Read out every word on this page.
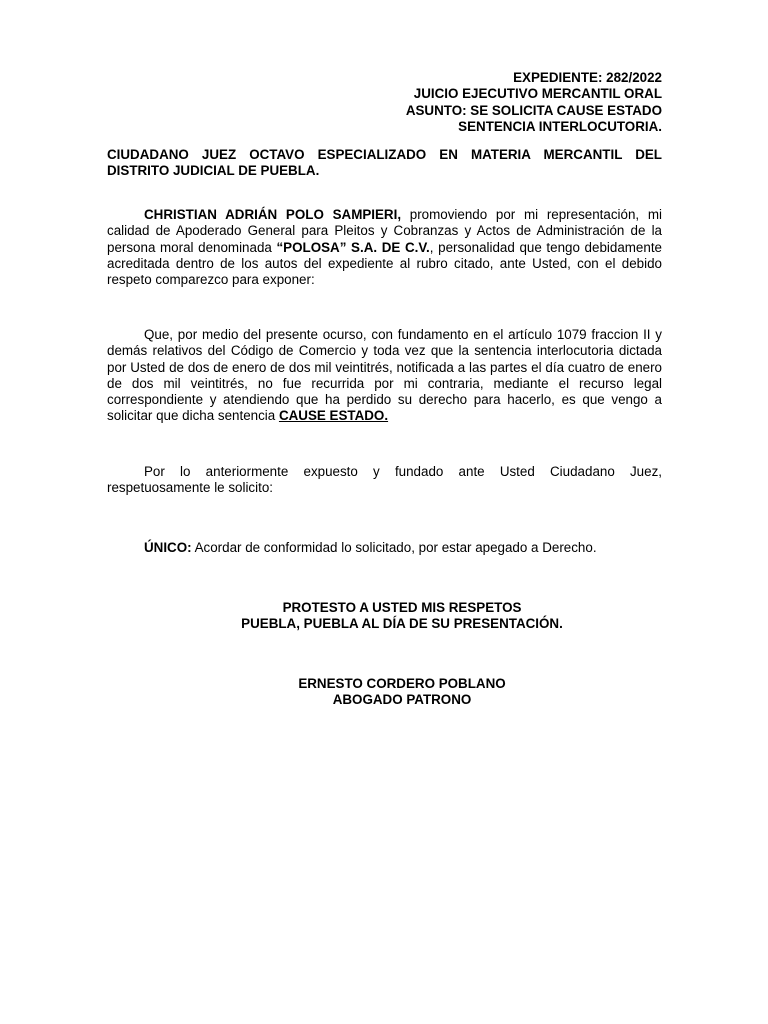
EXPEDIENTE: 282/2022
JUICIO EJECUTIVO MERCANTIL ORAL
ASUNTO: SE SOLICITA CAUSE ESTADO
SENTENCIA INTERLOCUTORIA.
CIUDADANO JUEZ OCTAVO ESPECIALIZADO EN MATERIA MERCANTIL DEL DISTRITO JUDICIAL DE PUEBLA.
CHRISTIAN ADRIÁN POLO SAMPIERI, promoviendo por mi representación, mi calidad de Apoderado General para Pleitos y Cobranzas y Actos de Administración de la persona moral denominada “POLOSA” S.A. DE C.V., personalidad que tengo debidamente acreditada dentro de los autos del expediente al rubro citado, ante Usted, con el debido respeto comparezco para exponer:
Que, por medio del presente ocurso, con fundamento en el artículo 1079 fraccion II y demás relativos del Código de Comercio y toda vez que la sentencia interlocutoria dictada por Usted de dos de enero de dos mil veintitrés, notificada a las partes el día cuatro de enero de dos mil veintitrés, no fue recurrida por mi contraria, mediante el recurso legal correspondiente y atendiendo que ha perdido su derecho para hacerlo, es que vengo a solicitar que dicha sentencia CAUSE ESTADO.
Por lo anteriormente expuesto y fundado ante Usted Ciudadano Juez, respetuosamente le solicito:
ÚNICO: Acordar de conformidad lo solicitado, por estar apegado a Derecho.
PROTESTO A USTED MIS RESPETOS
PUEBLA, PUEBLA AL DÍA DE SU PRESENTACIÓN.
ERNESTO CORDERO POBLANO
ABOGADO PATRONO
